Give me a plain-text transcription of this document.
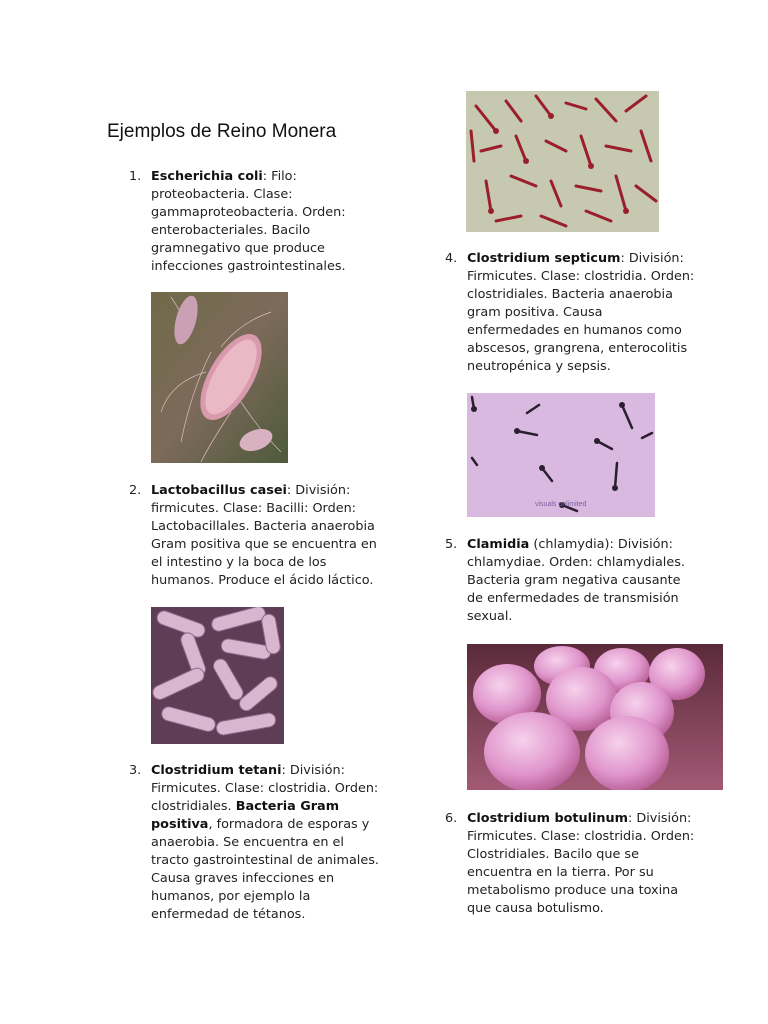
Ejemplos de Reino Monera
1. Escherichia coli: Filo: proteobacteria. Clase: gammaproteobacteria. Orden: enterobacteriales. Bacilo gramnegativo que produce infecciones gastrointestinales.
2. Lactobacillus casei: División: firmicutes. Clase: Bacilli: Orden: Lactobacillales. Bacteria anaerobia Gram positiva que se encuentra en el intestino y la boca de los humanos. Produce el ácido láctico.
3. Clostridium tetani: División: Firmicutes. Clase: clostridia. Orden: clostridiales. Bacteria Gram positiva, formadora de esporas y anaerobia. Se encuentra en el tracto gastrointestinal de animales. Causa graves infecciones en humanos, por ejemplo la enfermedad de tétanos.
4. Clostridium septicum: División: Firmicutes. Clase: clostridia. Orden: clostridiales. Bacteria anaerobia gram positiva. Causa enfermedades en humanos como abscesos, grangrena, enterocolitis neutropénica y sepsis.
visuals unlimited
5. Clamidia (chlamydia): División: chlamydiae. Orden: chlamydiales. Bacteria gram negativa causante de enfermedades de transmisión sexual.
6. Clostridium botulinum: División: Firmicutes. Clase: clostridia. Orden: Clostridiales. Bacilo que se encuentra en la tierra. Por su metabolismo produce una toxina que causa botulismo.
